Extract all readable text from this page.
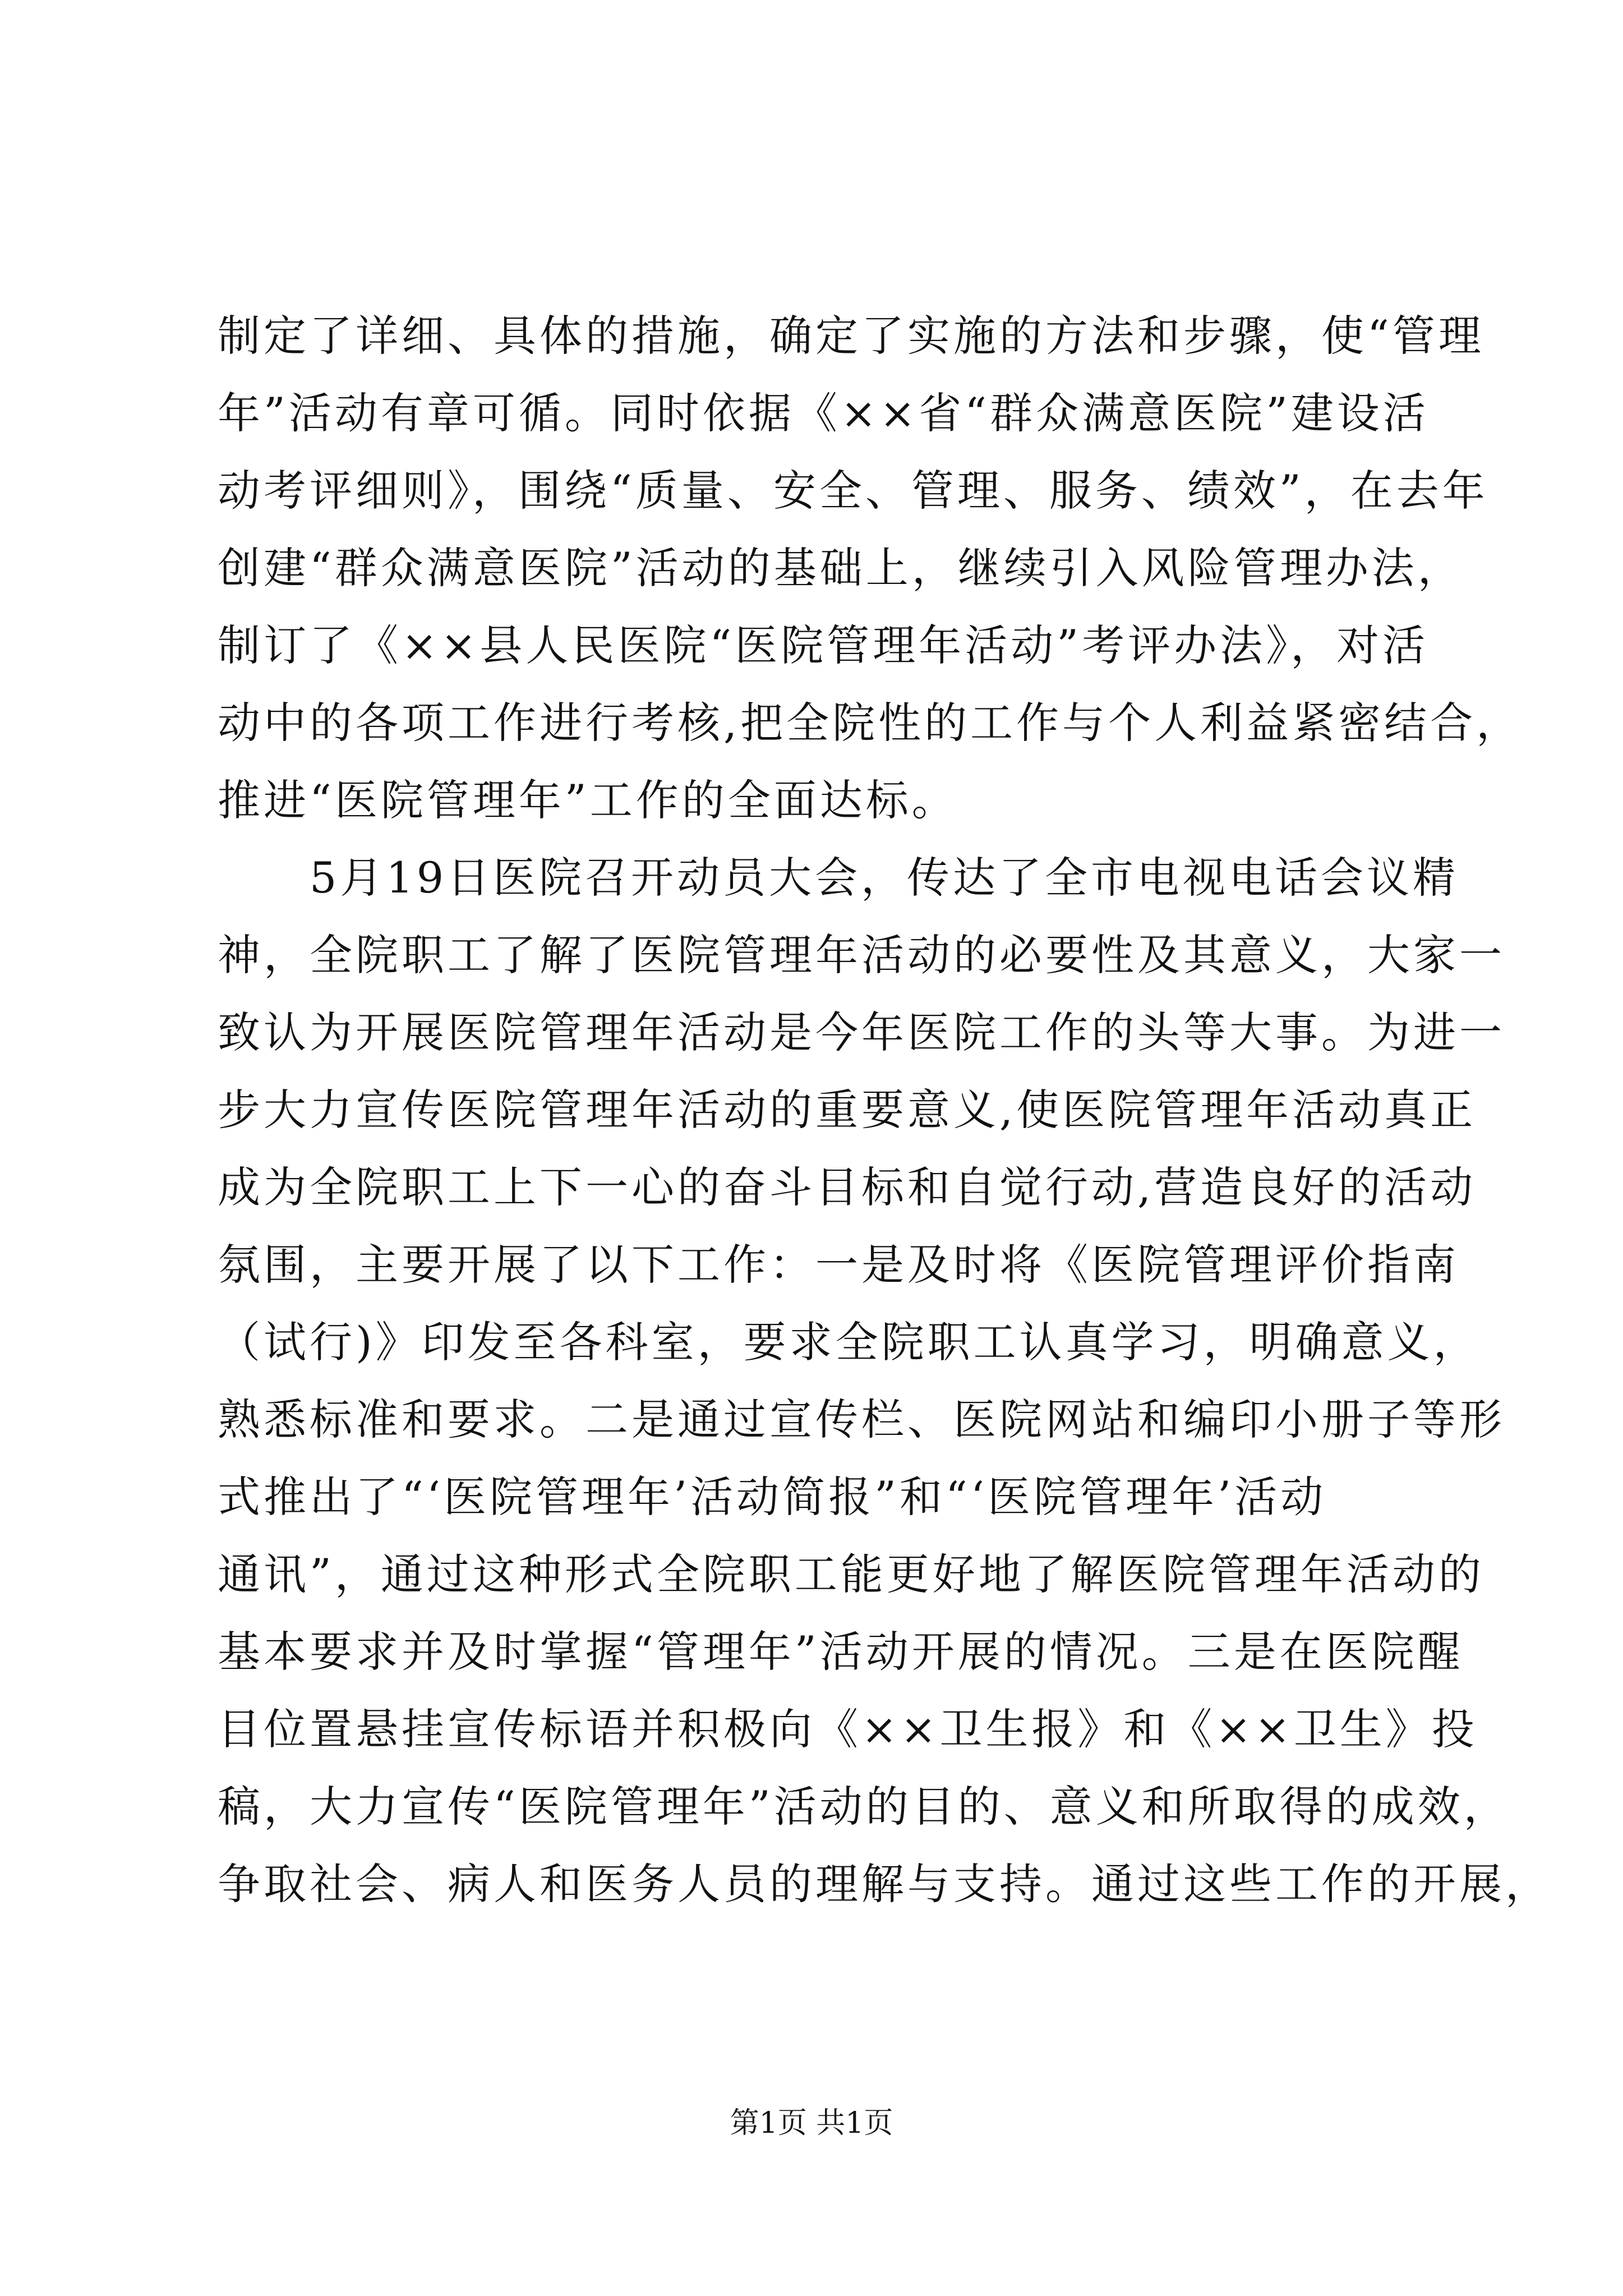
制定了详细、具体的措施，确定了实施的方法和步骤，使“管理
年”活动有章可循。同时依据《××省“群众满意医院”建设活
动考评细则》，围绕“质量、安全、管理、服务、绩效”，在去年
创建“群众满意医院”活动的基础上，继续引入风险管理办法，
制订了《××县人民医院“医院管理年活动”考评办法》，对活
动中的各项工作进行考核,把全院性的工作与个人利益紧密结合，
推进“医院管理年”工作的全面达标。
　　5月19日医院召开动员大会，传达了全市电视电话会议精
神，全院职工了解了医院管理年活动的必要性及其意义，大家一
致认为开展医院管理年活动是今年医院工作的头等大事。为进一
步大力宣传医院管理年活动的重要意义,使医院管理年活动真正
成为全院职工上下一心的奋斗目标和自觉行动,营造良好的活动
氛围，主要开展了以下工作：一是及时将《医院管理评价指南
（试行)》印发至各科室，要求全院职工认真学习，明确意义，
熟悉标准和要求。二是通过宣传栏、医院网站和编印小册子等形
式推出了“‘医院管理年’活动简报”和“‘医院管理年’活动
通讯”，通过这种形式全院职工能更好地了解医院管理年活动的
基本要求并及时掌握“管理年”活动开展的情况。三是在医院醒
目位置悬挂宣传标语并积极向《××卫生报》和《××卫生》投
稿，大力宣传“医院管理年”活动的目的、意义和所取得的成效，
争取社会、病人和医务人员的理解与支持。通过这些工作的开展，
第1页 共1页
